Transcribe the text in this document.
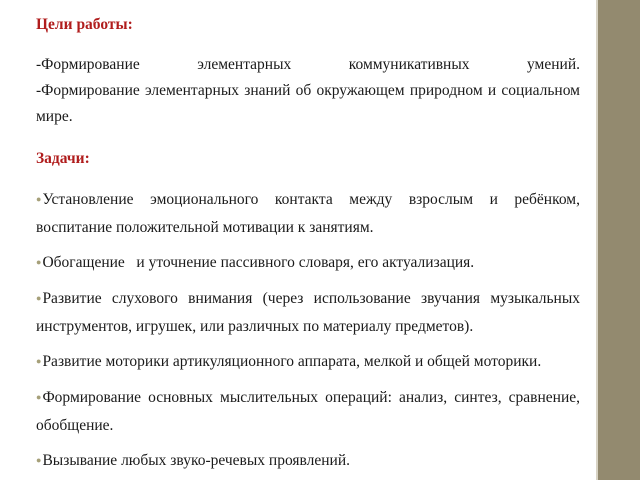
Цели работы:

-Формирование элементарных коммуникативных умений.

-Формирование элементарных знаний об окружающем природном и социальном мире.

Задачи:

●Установление эмоционального контакта между взрослым и ребёнком, воспитание положительной мотивации к занятиям.

●Обогащение   и уточнение пассивного словаря, его актуализация.

●Развитие слухового внимания (через использование звучания музыкальных инструментов, игрушек, или различных по материалу предметов).

●Развитие моторики артикуляционного аппарата, мелкой и общей моторики.

●Формирование основных мыслительных операций: анализ, синтез, сравнение, обобщение.

●Вызывание любых звуко-речевых проявлений.
